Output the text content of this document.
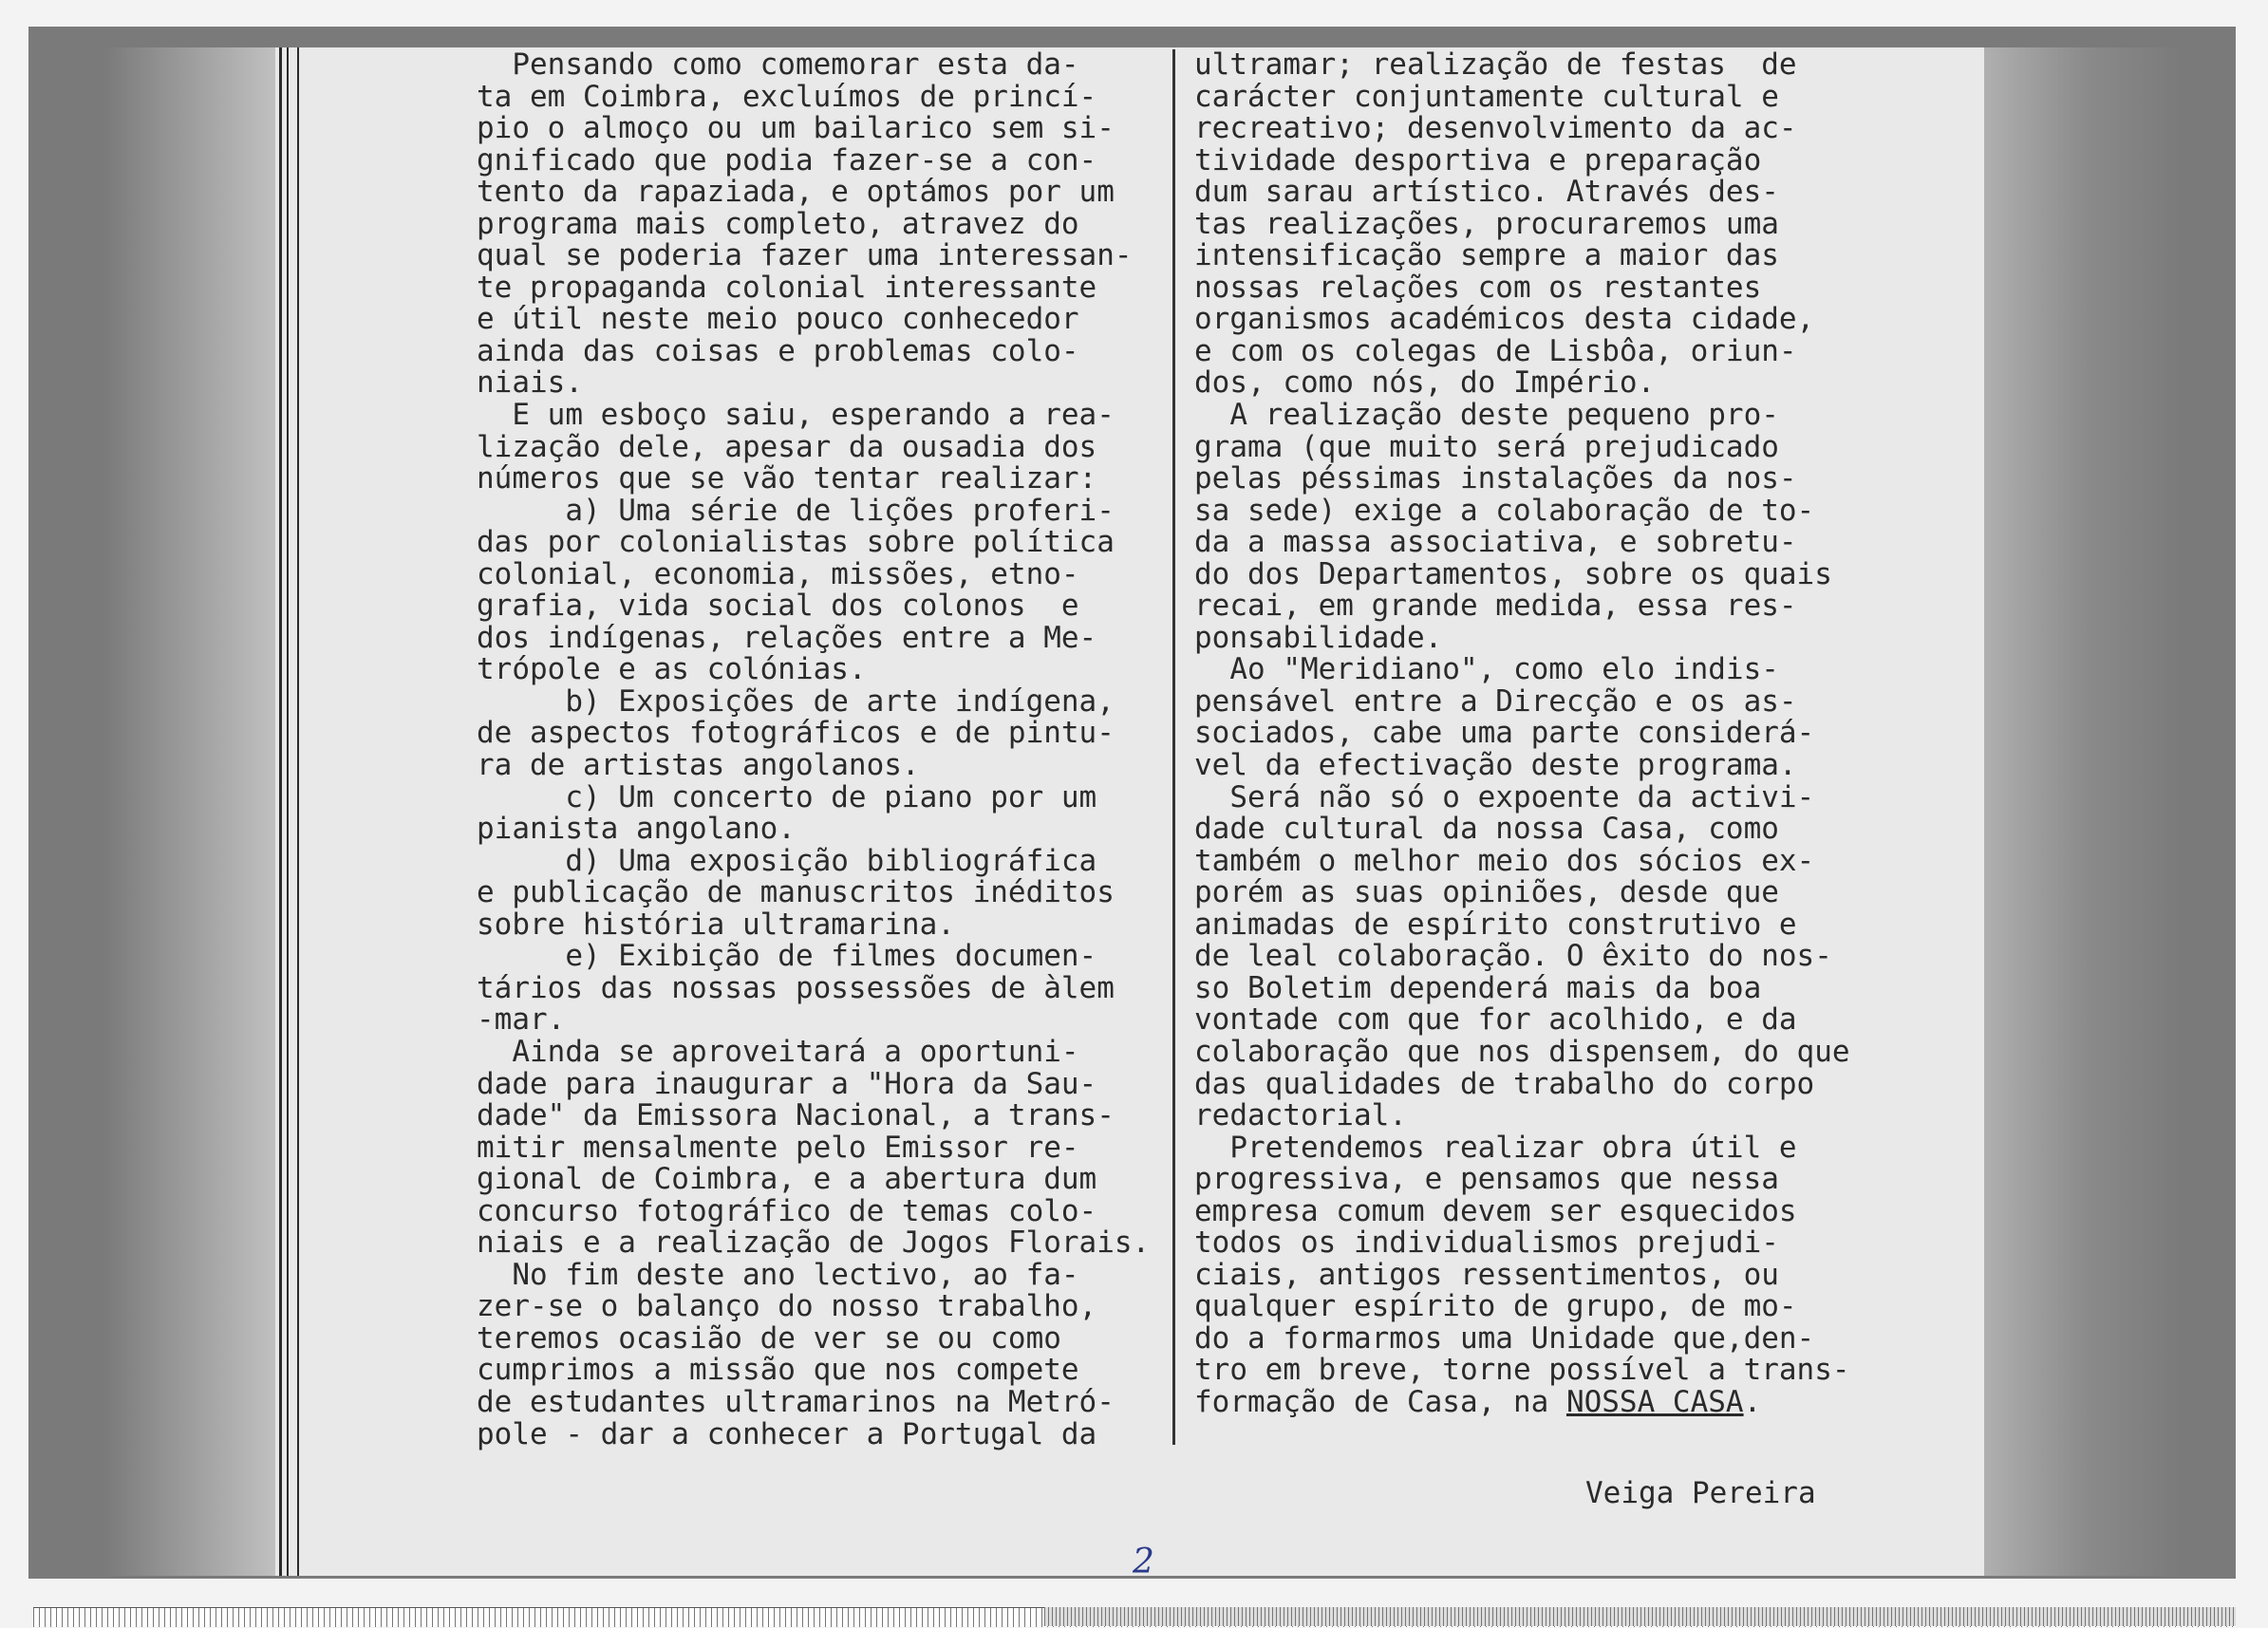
Pensando como comemorar esta da-
ta em Coimbra, excluímos de princí-
pio o almoço ou um bailarico sem si-
gnificado que podia fazer-se a con-
tento da rapaziada, e optámos por um
programa mais completo, atravez do
qual se poderia fazer uma interessan-
te propaganda colonial interessante
e útil neste meio pouco conhecedor
ainda das coisas e problemas colo-
niais.
E um esboço saiu, esperando a rea-
lização dele, apesar da ousadia dos
números que se vão tentar realizar:
a) Uma série de lições proferi-
das por colonialistas sobre política
colonial, economia, missões, etno-
grafia, vida social dos colonos  e
dos indígenas, relações entre a Me-
trópole e as colónias.
b) Exposições de arte indígena,
de aspectos fotográficos e de pintu-
ra de artistas angolanos.
c) Um concerto de piano por um
pianista angolano.
d) Uma exposição bibliográfica
e publicação de manuscritos inéditos
sobre história ultramarina.
e) Exibição de filmes documen-
tários das nossas possessões de àlem
-mar.
Ainda se aproveitará a oportuni-
dade para inaugurar a "Hora da Sau-
dade" da Emissora Nacional, a trans-
mitir mensalmente pelo Emissor re-
gional de Coimbra, e a abertura dum
concurso fotográfico de temas colo-
niais e a realização de Jogos Florais.
No fim deste ano lectivo, ao fa-
zer-se o balanço do nosso trabalho,
teremos ocasião de ver se ou como
cumprimos a missão que nos compete
de estudantes ultramarinos na Metró-
pole - dar a conhecer a Portugal da
ultramar; realização de festas  de
carácter conjuntamente cultural e
recreativo; desenvolvimento da ac-
tividade desportiva e preparação
dum sarau artístico. Através des-
tas realizações, procuraremos uma
intensificação sempre a maior das
nossas relações com os restantes
organismos académicos desta cidade,
e com os colegas de Lisbôa, oriun-
dos, como nós, do Império.
A realização deste pequeno pro-
grama (que muito será prejudicado
pelas péssimas instalações da nos-
sa sede) exige a colaboração de to-
da a massa associativa, e sobretu-
do dos Departamentos, sobre os quais
recai, em grande medida, essa res-
ponsabilidade.
Ao "Meridiano", como elo indis-
pensável entre a Direcção e os as-
sociados, cabe uma parte considerá-
vel da efectivação deste programa.
Será não só o expoente da activi-
dade cultural da nossa Casa, como
também o melhor meio dos sócios ex-
porém as suas opiniões, desde que
animadas de espírito construtivo e
de leal colaboração. O êxito do nos-
so Boletim dependerá mais da boa
vontade com que for acolhido, e da
colaboração que nos dispensem, do que
das qualidades de trabalho do corpo
redactorial.
Pretendemos realizar obra útil e
progressiva, e pensamos que nessa
empresa comum devem ser esquecidos
todos os individualismos prejudi-
ciais, antigos ressentimentos, ou
qualquer espírito de grupo, de mo-
do a formarmos uma Unidade que,den-
tro em breve, torne possível a trans-
formação de Casa, na NOSSA CASA.
Veiga Pereira
2
